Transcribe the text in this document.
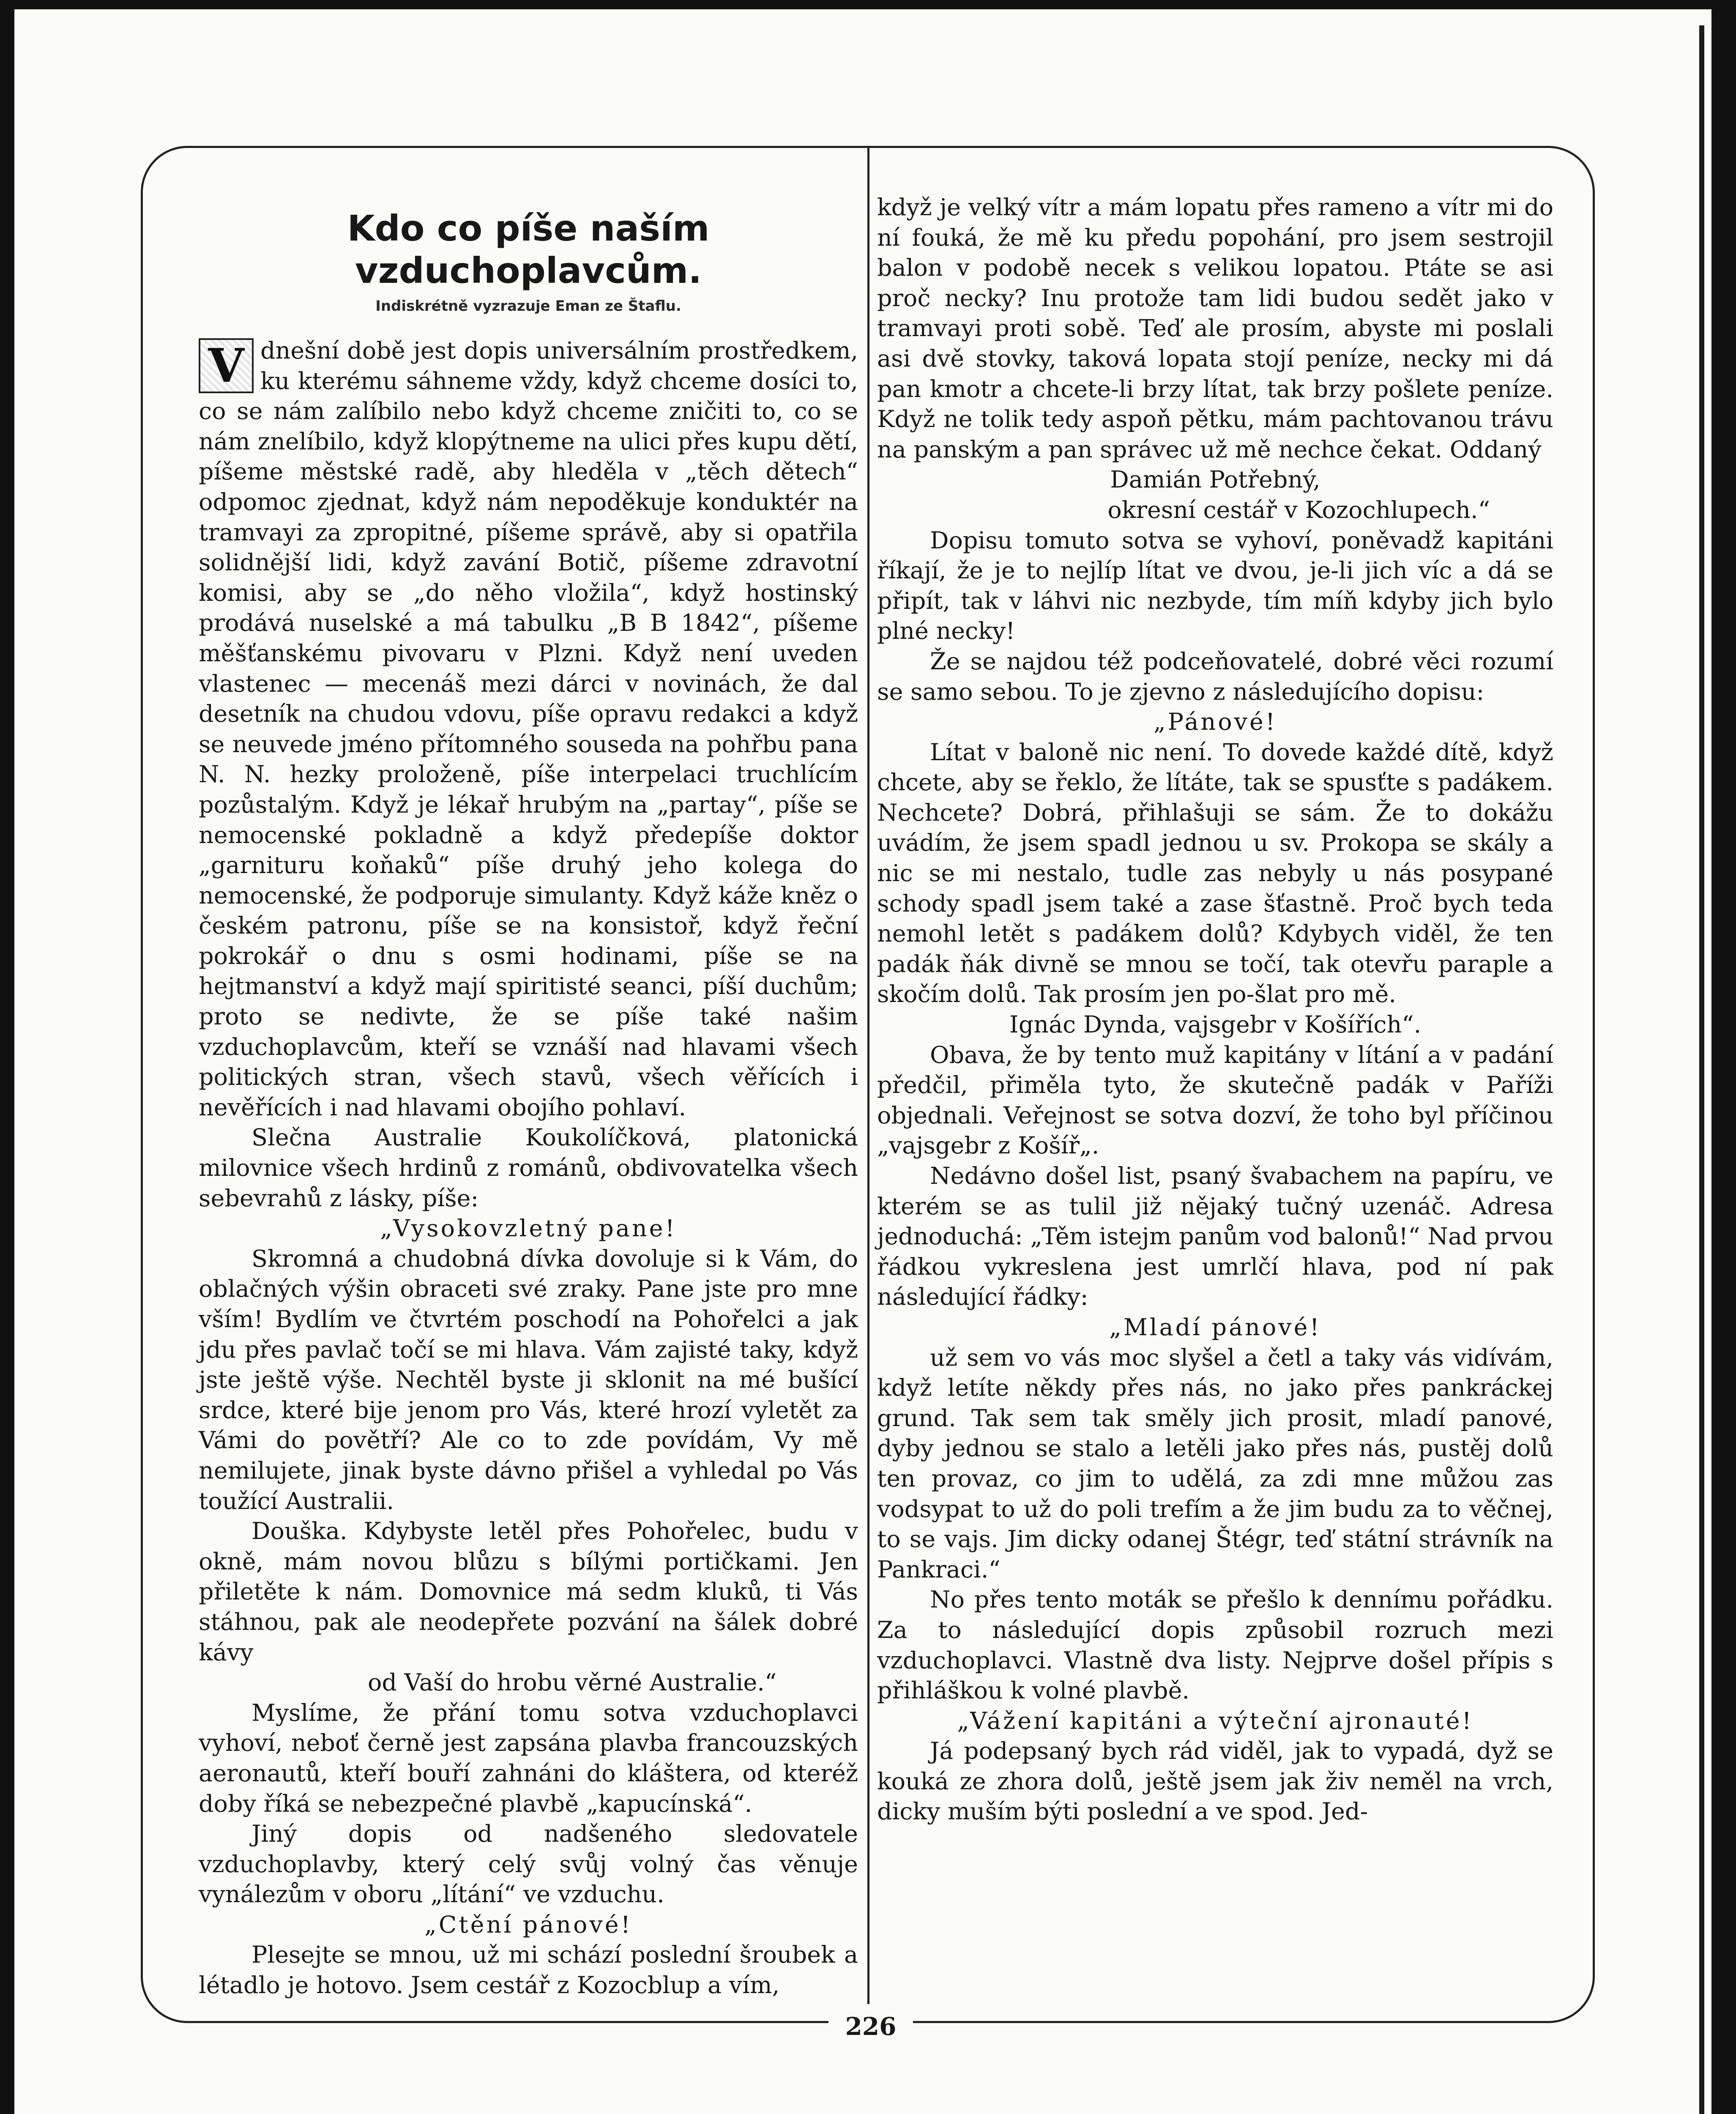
226

Kdo co píše naším vzduchoplavcům.

Indiskrétně vyzrazuje Eman ze Štaflu.

V dnešní době jest dopis universálním prostředkem, ku kterému sáhneme vždy, když chceme dosíci to, co se nám zalíbilo nebo když chceme zničiti to, co se nám znelíbilo, když klopýtneme na ulici přes kupu dětí, píšeme městské radě, aby hleděla v „těch dětech“ odpomoc zjednat, když nám nepoděkuje konduktér na tramvayi za zpropitné, píšeme správě, aby si opatřila solidnější lidi, když zavání Botič, píšeme zdravotní komisi, aby se „do něho vložila“, když hostinský prodává nuselské a má tabulku „B B 1842“, píšeme měšťanskému pivovaru v Plzni. Když není uveden vlastenec — mecenáš mezi dárci v novinách, že dal desetník na chudou vdovu, píše opravu redakci a když se neuvede jméno přítomného souseda na pohřbu pana N. N. hezky proloženě, píše interpelaci truchlícím pozůstalým. Když je lékař hrubým na „partay“, píše se nemocenské pokladně a když předepíše doktor „garnituru koňaků“ píše druhý jeho kolega do nemocenské, že podporuje simulanty. Když káže kněz o českém patronu, píše se na konsistoř, když řeční pokrokář o dnu s osmi hodinami, píše se na hejtmanství a když mají spiritisté seanci, píší duchům; proto se nedivte, že se píše také našim vzduchoplavcům, kteří se vznáší nad hlavami všech politických stran, všech stavů, všech věřících i nevěřících i nad hlavami obojího pohlaví.

Slečna Australie Koukolíčková, platonická milovnice všech hrdinů z románů, obdivovatelka všech sebevrahů z lásky, píše:

„Vysokovzletný pane!

Skromná a chudobná dívka dovoluje si k Vám, do oblačných výšin obraceti své zraky. Pane jste pro mne vším! Bydlím ve čtvrtém poschodí na Pohořelci a jak jdu přes pavlač točí se mi hlava. Vám zajisté taky, když jste ještě výše. Nechtěl byste ji sklonit na mé bušící srdce, které bije jenom pro Vás, které hrozí vyletět za Vámi do povětří? Ale co to zde povídám, Vy mě nemilujete, jinak byste dávno přišel a vyhledal po Vás toužící Australii.

Douška. Kdybyste letěl přes Pohořelec, budu v okně, mám novou blůzu s bílými portičkami. Jen přiletěte k nám. Domovnice má sedm kluků, ti Vás stáhnou, pak ale neodepřete pozvání na šálek dobré kávy

od Vaší do hrobu věrné Australie.“

Myslíme, že přání tomu sotva vzduchoplavci vyhoví, neboť černě jest zapsána plavba francouzských aeronautů, kteří bouří zahnáni do kláštera, od kteréž doby říká se nebezpečné plavbě „kapucínská“.

Jiný dopis od nadšeného sledovatele vzduchoplavby, který celý svůj volný čas věnuje vynálezům v oboru „lítání“ ve vzduchu.

„Ctění pánové!

Plesejte se mnou, už mi schází poslední šroubek a létadlo je hotovo. Jsem cestář z Kozocblup a vím,

když je velký vítr a mám lopatu přes rameno a vítr mi do ní fouká, že mě ku předu popohání, pro jsem sestrojil balon v podobě necek s velikou lopatou. Ptáte se asi proč necky? Inu protože tam lidi budou sedět jako v tramvayi proti sobě. Teď ale prosím, abyste mi poslali asi dvě stovky, taková lopata stojí peníze, necky mi dá pan kmotr a chcete-li brzy lítat, tak brzy pošlete peníze. Když ne tolik tedy aspoň pětku, mám pachtovanou trávu na panským a pan správec už mě nechce čekat. Oddaný

Damián Potřebný,

okresní cestář v Kozochlupech.“

Dopisu tomuto sotva se vyhoví, poněvadž kapitáni říkají, že je to nejlíp lítat ve dvou, je-li jich víc a dá se připít, tak v láhvi nic nezbyde, tím míň kdyby jich bylo plné necky!

Že se najdou též podceňovatelé, dobré věci rozumí se samo sebou. To je zjevno z následujícího dopisu:

„Pánové!

Lítat v baloně nic není. To dovede každé dítě, když chcete, aby se řeklo, že lítáte, tak se spusťte s padákem. Nechcete? Dobrá, přihlašuji se sám. Že to dokážu uvádím, že jsem spadl jednou u sv. Prokopa se skály a nic se mi nestalo, tudle zas nebyly u nás posypané schody spadl jsem také a zase šťastně. Proč bych teda nemohl letět s padákem dolů? Kdybych viděl, že ten padák ňák divně se mnou se točí, tak otevřu paraple a skočím dolů. Tak prosím jen po-šlat pro mě.

Ignác Dynda, vajsgebr v Košířích“.

Obava, že by tento muž kapitány v lítání a v padání předčil, přiměla tyto, že skutečně padák v Paříži objednali. Veřejnost se sotva dozví, že toho byl příčinou „vajsgebr z Košíř„.

Nedávno došel list, psaný švabachem na papíru, ve kterém se as tulil již nějaký tučný uzenáč. Adresa jednoduchá: „Těm istejm panům vod balonů!“ Nad prvou řádkou vykreslena jest umrlčí hlava, pod ní pak následující řádky:

„Mladí pánové!

už sem vo vás moc slyšel a četl a taky vás vidívám, když letíte někdy přes nás, no jako přes pankráckej grund. Tak sem tak směly jich prosit, mladí panové, dyby jednou se stalo a letěli jako přes nás, pustěj dolů ten provaz, co jim to udělá, za zdi mne můžou zas vodsypat to už do poli trefím a že jim budu za to věčnej, to se vajs. Jim dicky odanej Štégr, teď státní strávník na Pankraci.“

No přes tento moták se přešlo k dennímu pořádku. Za to následující dopis způsobil rozruch mezi vzduchoplavci. Vlastně dva listy. Nejprve došel přípis s přihláškou k volné plavbě.

„Vážení kapitáni a výteční ajronauté!

Já podepsaný bych rád viděl, jak to vypadá, dyž se kouká ze zhora dolů, ještě jsem jak živ neměl na vrch, dicky muším býti poslední a ve spod. Jed-
